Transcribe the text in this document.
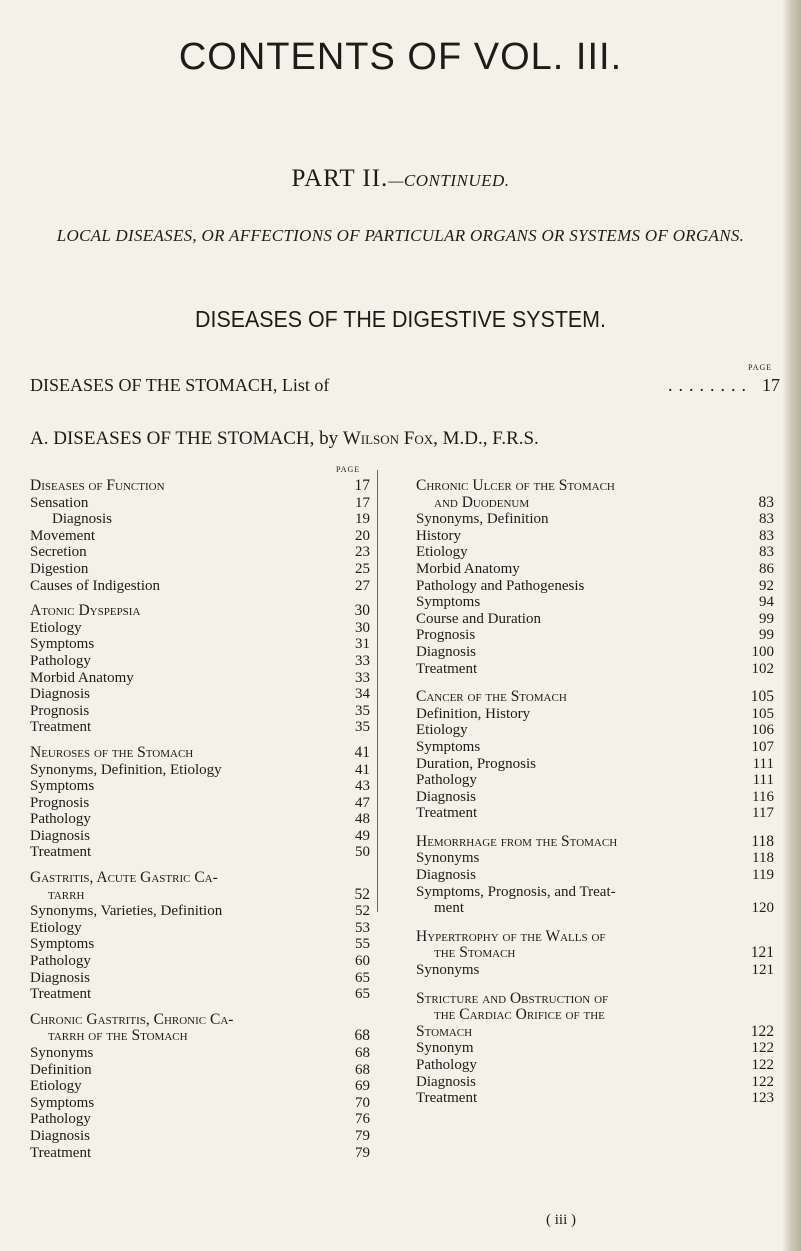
CONTENTS OF VOL. III.
PART II.—CONTINUED.
LOCAL DISEASES, OR AFFECTIONS OF PARTICULAR ORGANS OR SYSTEMS OF ORGANS.
DISEASES OF THE DIGESTIVE SYSTEM.
PAGE
DISEASES OF THE STOMACH, List of	........ 17
A. DISEASES OF THE STOMACH, by Wilson Fox, M.D., F.R.S.
PAGE
Diseases of Function	17
Sensation	17
Diagnosis	19
Movement	20
Secretion	23
Digestion	25
Causes of Indigestion	27
Atonic Dyspepsia	30
Etiology	30
Symptoms	31
Pathology	33
Morbid Anatomy	33
Diagnosis	34
Prognosis	35
Treatment	35
Neuroses of the Stomach	41
Synonyms, Definition, Etiology	41
Symptoms	43
Prognosis	47
Pathology	48
Diagnosis	49
Treatment	50
Gastritis, Acute Gastric Ca-
tarrh	52
Synonyms, Varieties, Definition	52
Etiology	53
Symptoms	55
Pathology	60
Diagnosis	65
Treatment	65
Chronic Gastritis, Chronic Ca-
tarrh of the Stomach	68
Synonyms	68
Definition	68
Etiology	69
Symptoms	70
Pathology	76
Diagnosis	79
Treatment	79
Chronic Ulcer of the Stomach
and Duodenum	83
Synonyms, Definition	83
History	83
Etiology	83
Morbid Anatomy	86
Pathology and Pathogenesis	92
Symptoms	94
Course and Duration	99
Prognosis	99
Diagnosis	100
Treatment	102
Cancer of the Stomach	105
Definition, History	105
Etiology	106
Symptoms	107
Duration, Prognosis	111
Pathology	111
Diagnosis	116
Treatment	117
Hemorrhage from the Stomach	118
Synonyms	118
Diagnosis	119
Symptoms, Prognosis, and Treat-
ment	120
Hypertrophy of the Walls of
the Stomach	121
Synonyms	121
Stricture and Obstruction of
the Cardiac Orifice of the
Stomach	122
Synonym	122
Pathology	122
Diagnosis	122
Treatment	123
( iii )
